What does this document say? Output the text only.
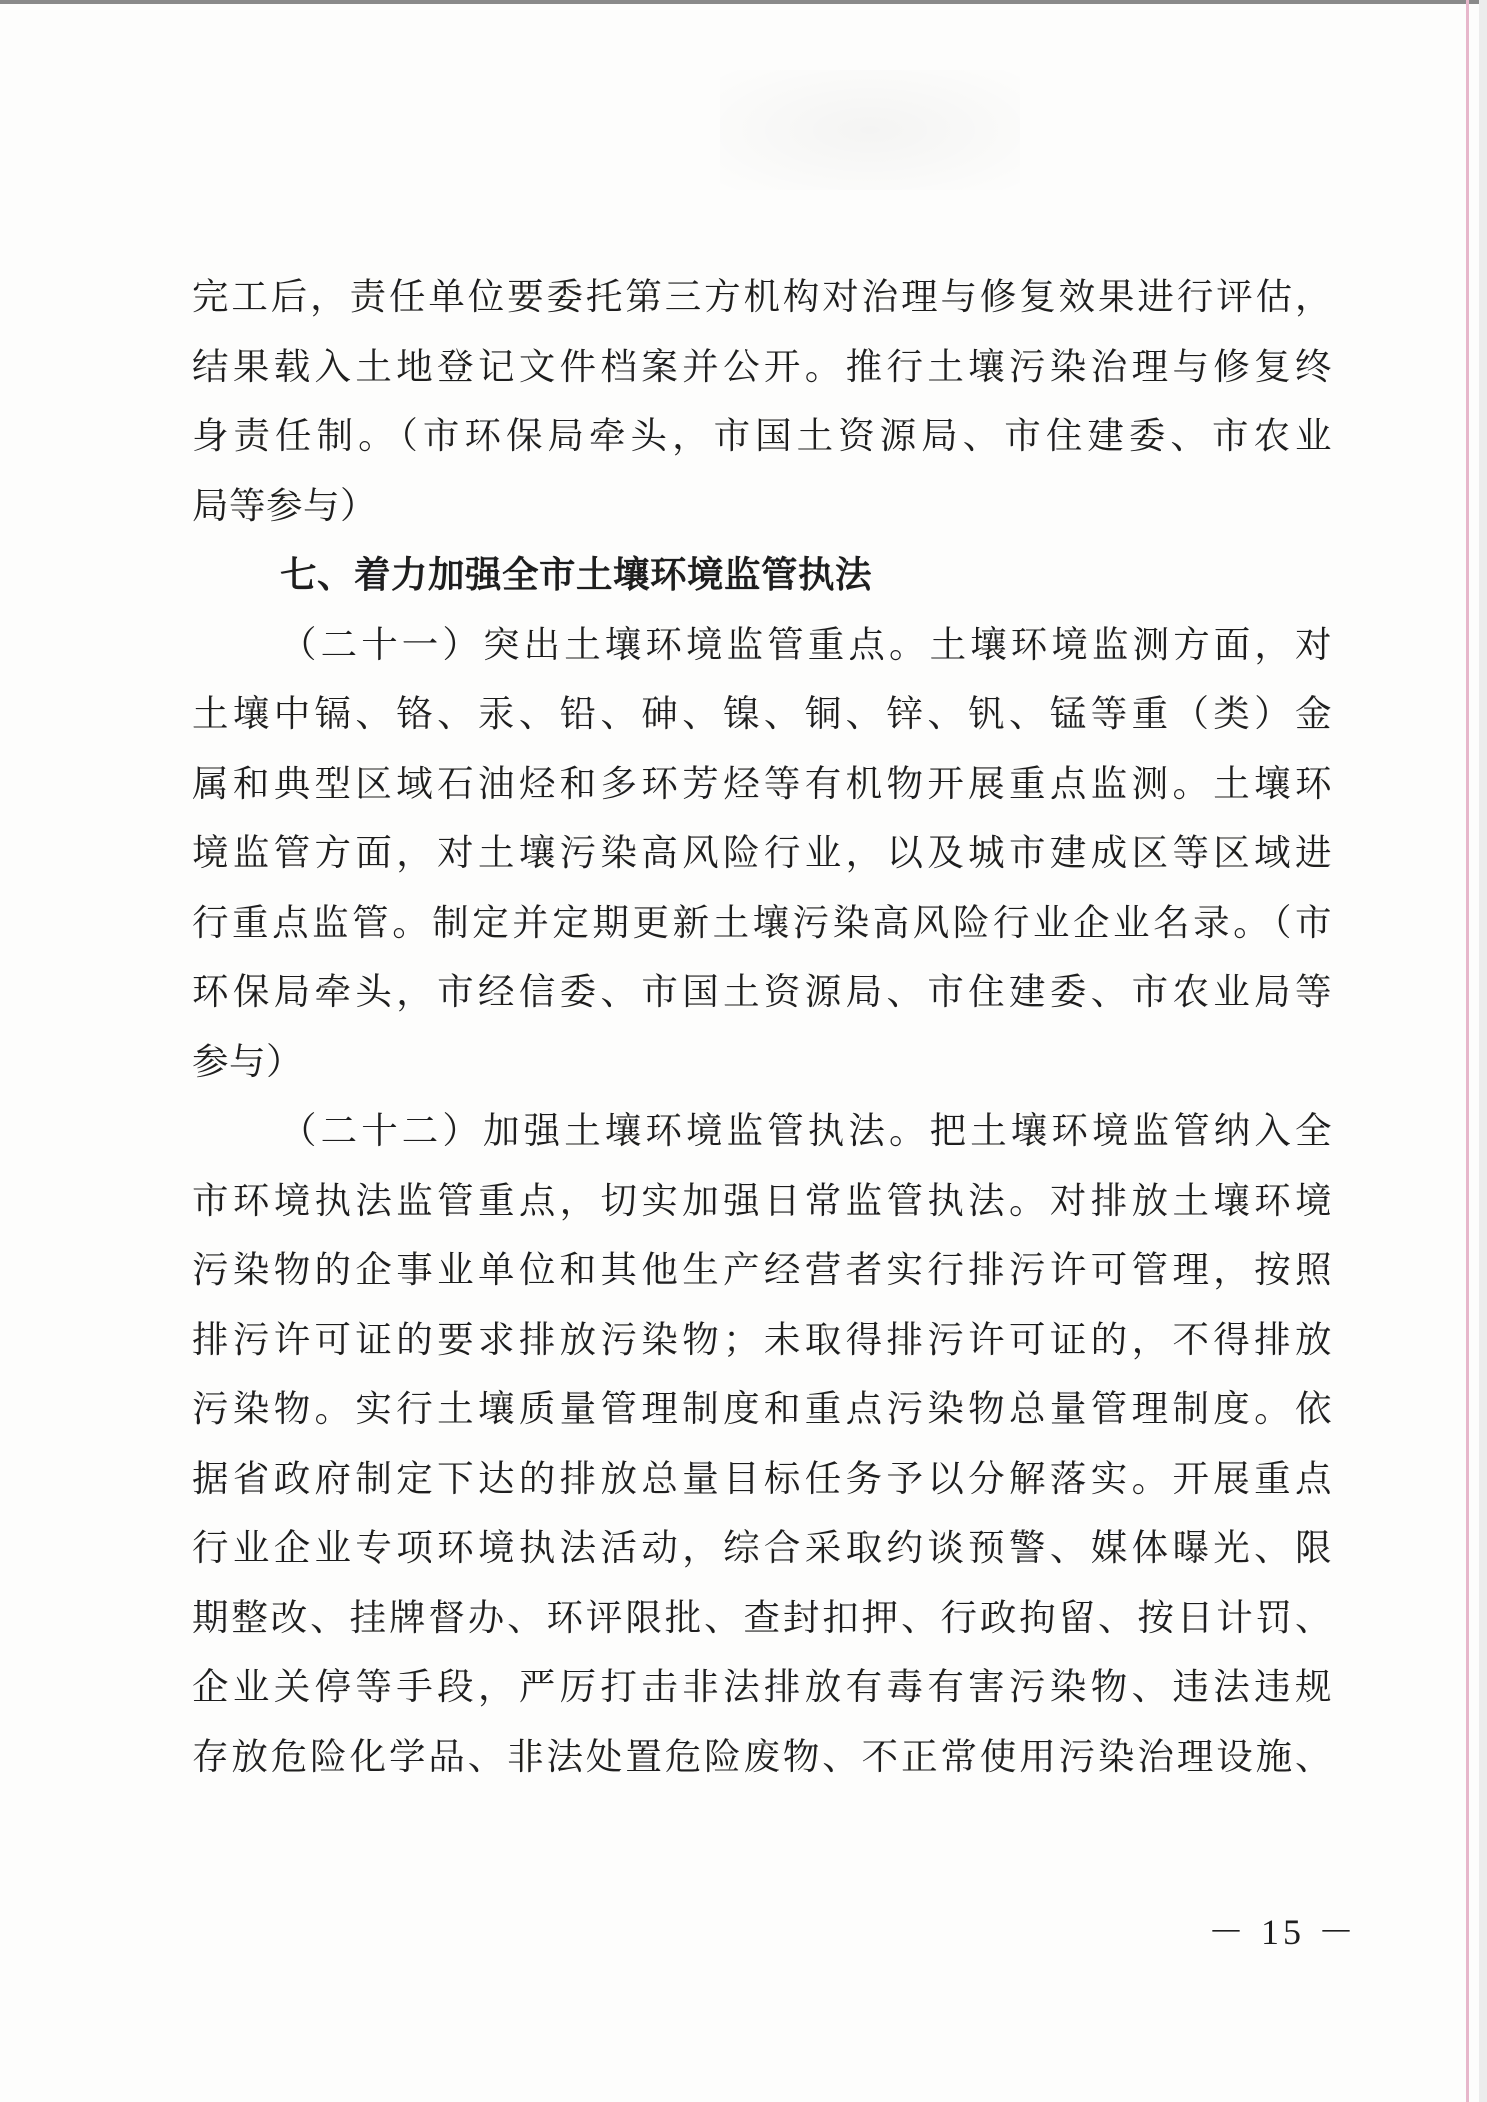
完工后，责任单位要委托第三方机构对治理与修复效果进行评估，
结果载入土地登记文件档案并公开。推行土壤污染治理与修复终
身责任制。（市环保局牵头，市国土资源局、市住建委、市农业
局等参与）
七、着力加强全市土壤环境监管执法
（二十一）突出土壤环境监管重点。土壤环境监测方面，对
土壤中镉、铬、汞、铅、砷、镍、铜、锌、钒、锰等重（类）金
属和典型区域石油烃和多环芳烃等有机物开展重点监测。土壤环
境监管方面，对土壤污染高风险行业，以及城市建成区等区域进
行重点监管。制定并定期更新土壤污染高风险行业企业名录。（市
环保局牵头，市经信委、市国土资源局、市住建委、市农业局等
参与）
（二十二）加强土壤环境监管执法。把土壤环境监管纳入全
市环境执法监管重点，切实加强日常监管执法。对排放土壤环境
污染物的企事业单位和其他生产经营者实行排污许可管理，按照
排污许可证的要求排放污染物；未取得排污许可证的，不得排放
污染物。实行土壤质量管理制度和重点污染物总量管理制度。依
据省政府制定下达的排放总量目标任务予以分解落实。开展重点
行业企业专项环境执法活动，综合采取约谈预警、媒体曝光、限
期整改、挂牌督办、环评限批、查封扣押、行政拘留、按日计罚、
企业关停等手段，严厉打击非法排放有毒有害污染物、违法违规
存放危险化学品、非法处置危险废物、不正常使用污染治理设施、
－ 15 －
